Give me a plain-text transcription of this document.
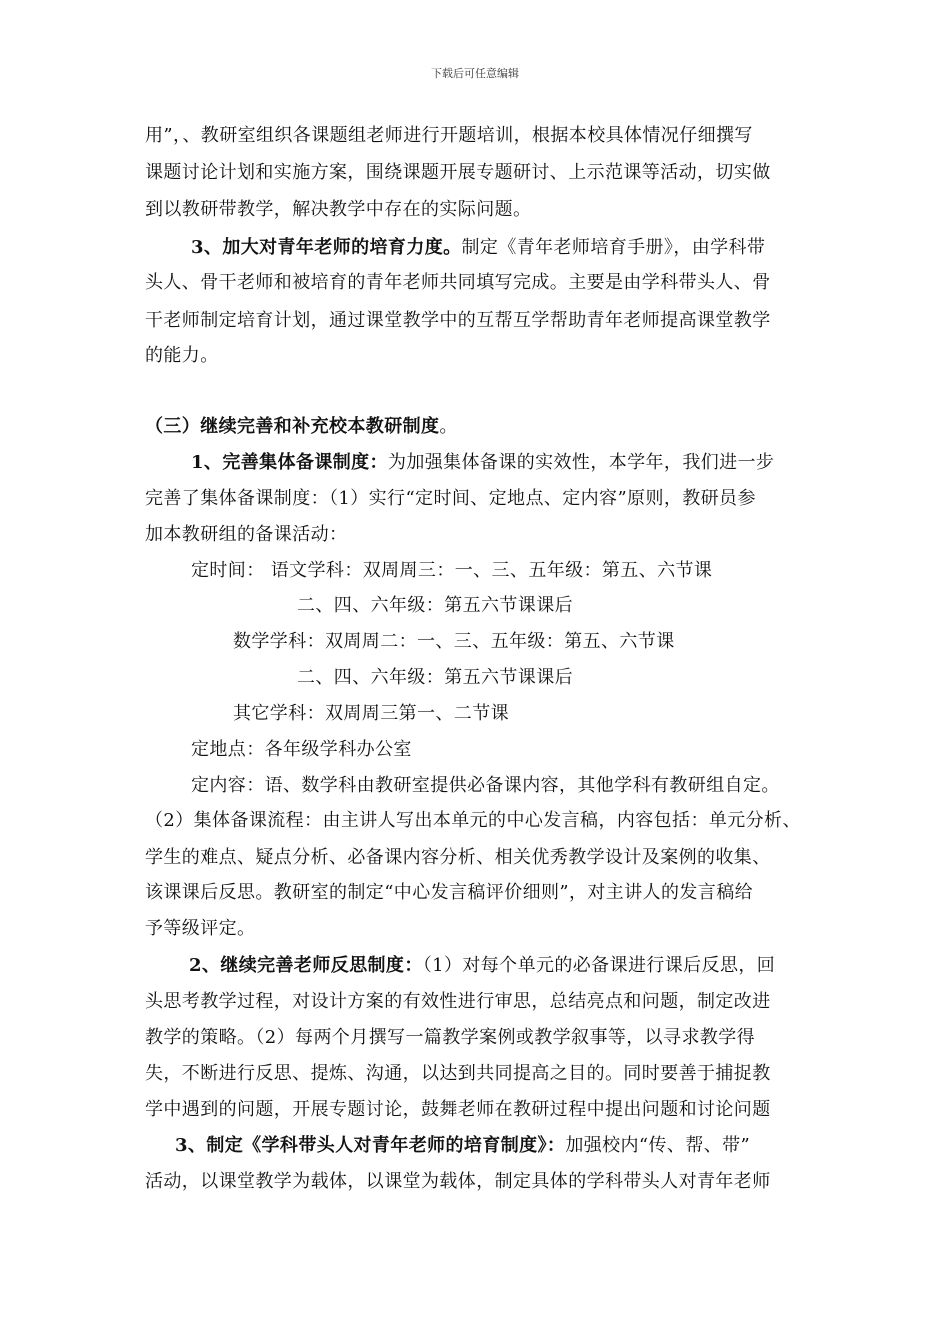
下载后可任意编辑
用”，、教研室组织各课题组老师进行开题培训，根据本校具体情况仔细撰写
课题讨论计划和实施方案，围绕课题开展专题研讨、上示范课等活动，切实做
到以教研带教学，解决教学中存在的实际问题。
3、加大对青年老师的培育力度。制定《青年老师培育手册》，由学科带
头人、骨干老师和被培育的青年老师共同填写完成。主要是由学科带头人、骨
干老师制定培育计划，通过课堂教学中的互帮互学帮助青年老师提高课堂教学
的能力。
（三）继续完善和补充校本教研制度。
1、完善集体备课制度：为加强集体备课的实效性，本学年，我们进一步
完善了集体备课制度：（1）实行“定时间、定地点、定内容”原则，教研员参
加本教研组的备课活动：
定时间： 语文学科：双周周三：一、三、五年级：第五、六节课
二、四、六年级：第五六节课课后
数学学科：双周周二：一、三、五年级：第五、六节课
二、四、六年级：第五六节课课后
其它学科：双周周三第一、二节课
定地点：各年级学科办公室
定内容：语、数学科由教研室提供必备课内容，其他学科有教研组自定。
（2）集体备课流程：由主讲人写出本单元的中心发言稿，内容包括：单元分析、
学生的难点、疑点分析、必备课内容分析、相关优秀教学设计及案例的收集、
该课课后反思。教研室的制定“中心发言稿评价细则”，对主讲人的发言稿给
予等级评定。
2、继续完善老师反思制度：（1）对每个单元的必备课进行课后反思，回
头思考教学过程，对设计方案的有效性进行审思，总结亮点和问题，制定改进
教学的策略。（2）每两个月撰写一篇教学案例或教学叙事等，以寻求教学得
失，不断进行反思、提炼、沟通，以达到共同提高之目的。同时要善于捕捉教
学中遇到的问题，开展专题讨论，鼓舞老师在教研过程中提出问题和讨论问题
3、制定《学科带头人对青年老师的培育制度》：加强校内“传、帮、带”
活动，以课堂教学为载体，以课堂为载体，制定具体的学科带头人对青年老师
